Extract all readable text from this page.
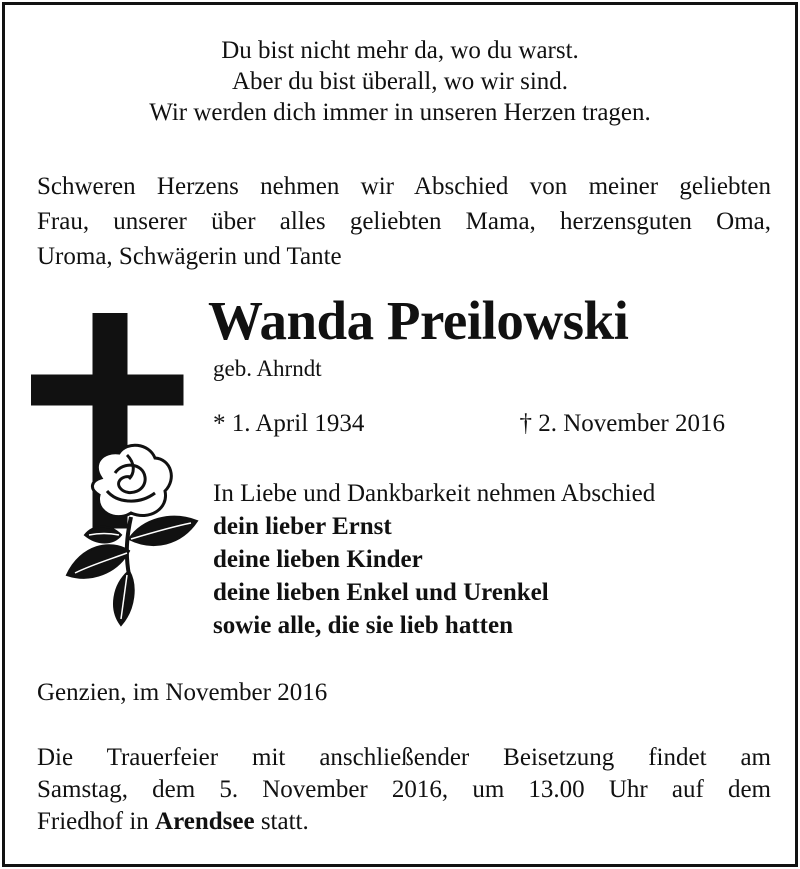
Du bist nicht mehr da, wo du warst.
Aber du bist überall, wo wir sind.
Wir werden dich immer in unseren Herzen tragen.
Schweren Herzens nehmen wir Abschied von meiner geliebten
Frau, unserer über alles geliebten Mama, herzensguten Oma,
Uroma, Schwägerin und Tante
Wanda Preilowski
geb. Ahrndt
* 1. April 1934	† 2. November 2016
In Liebe und Dankbarkeit nehmen Abschied
dein lieber Ernst
deine lieben Kinder
deine lieben Enkel und Urenkel
sowie alle, die sie lieb hatten
Genzien, im November 2016
Die Trauerfeier mit anschließender Beisetzung findet am
Samstag, dem 5. November 2016, um 13.00 Uhr auf dem
Friedhof in Arendsee statt.
